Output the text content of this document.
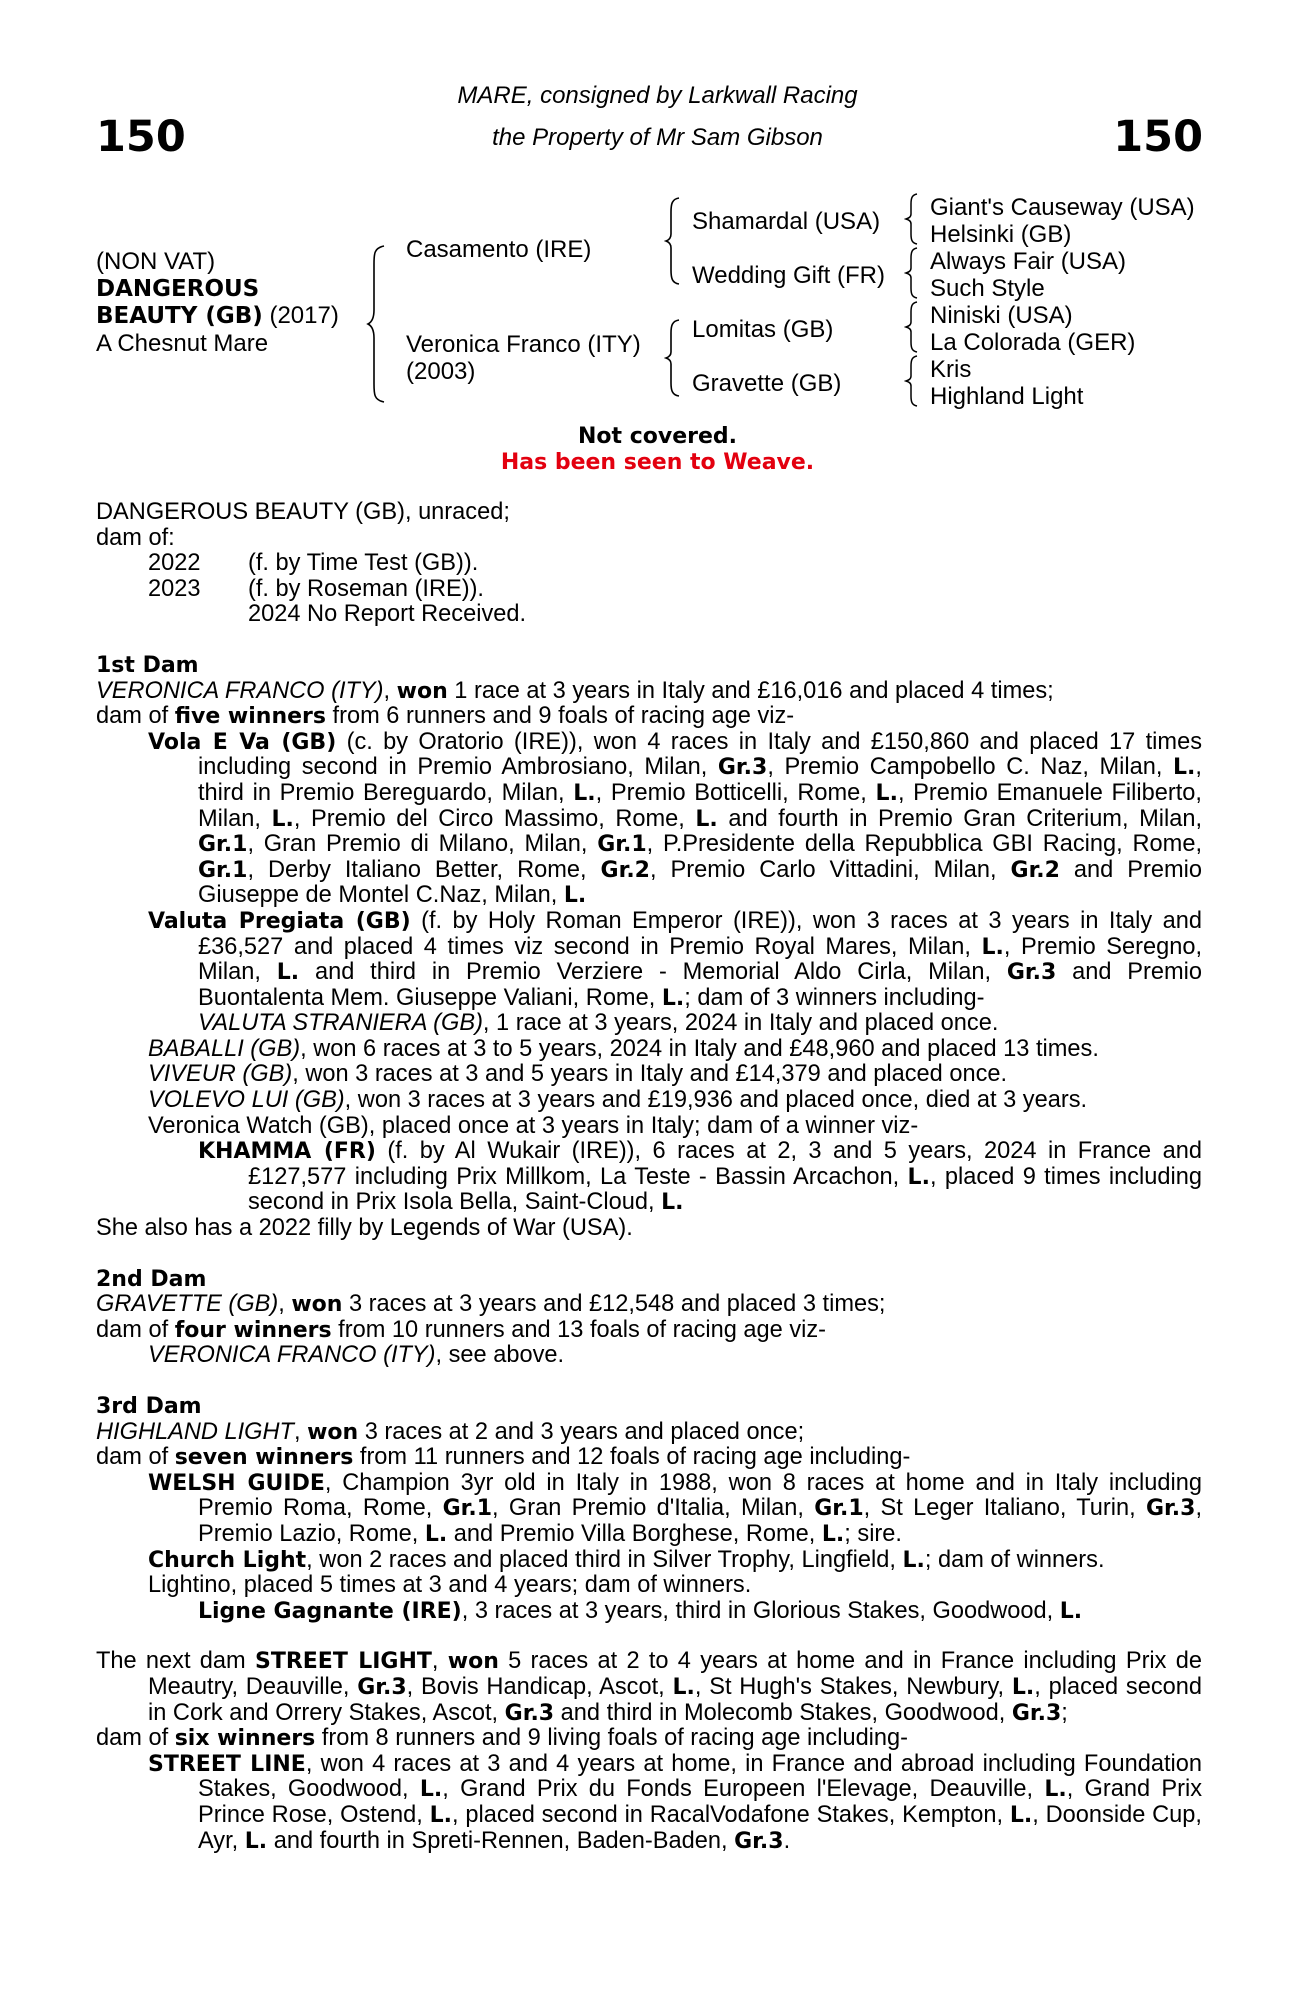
150	150
MARE, consigned by Larkwall Racing
the Property of Mr Sam Gibson
(NON VAT)
DANGEROUS
BEAUTY (GB) (2017)
A Chesnut Mare
Casamento (IRE)
Veronica Franco (ITY)
(2003)
Shamardal (USA)
Wedding Gift (FR)
Lomitas (GB)
Gravette (GB)
Giant's Causeway (USA)
Helsinki (GB)
Always Fair (USA)
Such Style
Niniski (USA)
La Colorada (GER)
Kris
Highland Light
Not covered.
Has been seen to Weave.

DANGEROUS BEAUTY (GB), unraced;

dam of:

2022 (f. by Time Test (GB)).

2023 (f. by Roseman (IRE)).

2024 No Report Received.

1st Dam

VERONICA FRANCO (ITY), won 1 race at 3 years in Italy and £16,016 and placed 4 times;

dam of five winners from 6 runners and 9 foals of racing age viz-

Vola E Va (GB) (c. by Oratorio (IRE)), won 4 races in Italy and £150,860 and placed 17 times including second in Premio Ambrosiano, Milan, Gr.3, Premio Campobello C. Naz, Milan, L., third in Premio Bereguardo, Milan, L., Premio Botticelli, Rome, L., Premio Emanuele Filiberto, Milan, L., Premio del Circo Massimo, Rome, L. and fourth in Premio Gran Criterium, Milan, Gr.1, Gran Premio di Milano, Milan, Gr.1, P.Presidente della Repubblica GBI Racing, Rome, Gr.1, Derby Italiano Better, Rome, Gr.2, Premio Carlo Vittadini, Milan, Gr.2 and Premio Giuseppe de Montel C.Naz, Milan, L.

Valuta Pregiata (GB) (f. by Holy Roman Emperor (IRE)), won 3 races at 3 years in Italy and £36,527 and placed 4 times viz second in Premio Royal Mares, Milan, L., Premio Seregno, Milan, L. and third in Premio Verziere - Memorial Aldo Cirla, Milan, Gr.3 and Premio Buontalenta Mem. Giuseppe Valiani, Rome, L.; dam of 3 winners including-

VALUTA STRANIERA (GB), 1 race at 3 years, 2024 in Italy and placed once.

BABALLI (GB), won 6 races at 3 to 5 years, 2024 in Italy and £48,960 and placed 13 times.

VIVEUR (GB), won 3 races at 3 and 5 years in Italy and £14,379 and placed once.

VOLEVO LUI (GB), won 3 races at 3 years and £19,936 and placed once, died at 3 years.

Veronica Watch (GB), placed once at 3 years in Italy; dam of a winner viz-

KHAMMA (FR) (f. by Al Wukair (IRE)), 6 races at 2, 3 and 5 years, 2024 in France and £127,577 including Prix Millkom, La Teste - Bassin Arcachon, L., placed 9 times including second in Prix Isola Bella, Saint-Cloud, L.

She also has a 2022 filly by Legends of War (USA).

2nd Dam

GRAVETTE (GB), won 3 races at 3 years and £12,548 and placed 3 times;

dam of four winners from 10 runners and 13 foals of racing age viz-

VERONICA FRANCO (ITY), see above.

3rd Dam

HIGHLAND LIGHT, won 3 races at 2 and 3 years and placed once;

dam of seven winners from 11 runners and 12 foals of racing age including-

WELSH GUIDE, Champion 3yr old in Italy in 1988, won 8 races at home and in Italy including Premio Roma, Rome, Gr.1, Gran Premio d'Italia, Milan, Gr.1, St Leger Italiano, Turin, Gr.3, Premio Lazio, Rome, L. and Premio Villa Borghese, Rome, L.; sire.

Church Light, won 2 races and placed third in Silver Trophy, Lingfield, L.; dam of winners.

Lightino, placed 5 times at 3 and 4 years; dam of winners.

Ligne Gagnante (IRE), 3 races at 3 years, third in Glorious Stakes, Goodwood, L.

The next dam STREET LIGHT, won 5 races at 2 to 4 years at home and in France including Prix de Meautry, Deauville, Gr.3, Bovis Handicap, Ascot, L., St Hugh's Stakes, Newbury, L., placed second in Cork and Orrery Stakes, Ascot, Gr.3 and third in Molecomb Stakes, Goodwood, Gr.3;

dam of six winners from 8 runners and 9 living foals of racing age including-

STREET LINE, won 4 races at 3 and 4 years at home, in France and abroad including Foundation Stakes, Goodwood, L., Grand Prix du Fonds Europeen l'Elevage, Deauville, L., Grand Prix Prince Rose, Ostend, L., placed second in RacalVodafone Stakes, Kempton, L., Doonside Cup, Ayr, L. and fourth in Spreti-Rennen, Baden-Baden, Gr.3.
